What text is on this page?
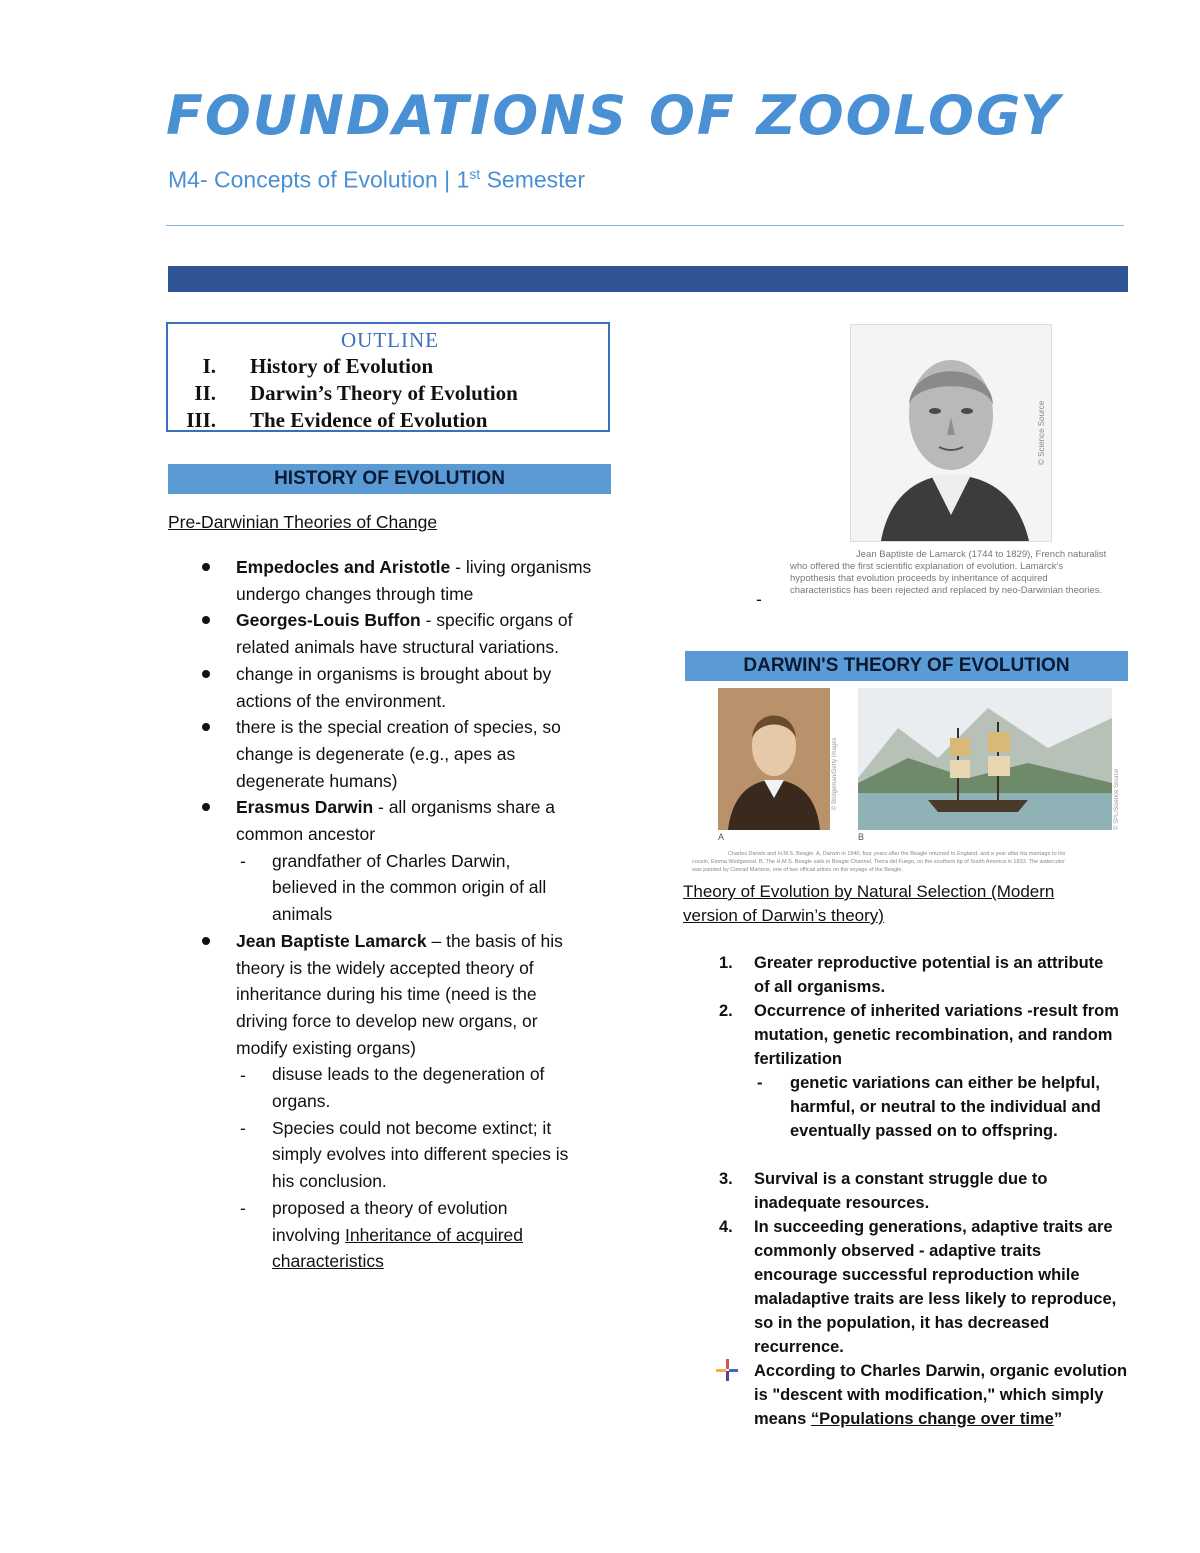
FOUNDATIONS OF ZOOLOGY
M4- Concepts of Evolution | 1st Semester
OUTLINE
I. History of Evolution
II. Darwin’s Theory of Evolution
III. The Evidence of Evolution
HISTORY OF EVOLUTION
Pre-Darwinian Theories of Change
Empedocles and Aristotle - living organisms
undergo changes through time
Georges-Louis Buffon - specific organs of
related animals have structural variations.
change in organisms is brought about by
actions of the environment.
there is the special creation of species, so
change is degenerate (e.g., apes as
degenerate humans)
Erasmus Darwin - all organisms share a
common ancestor
grandfather of Charles Darwin,
believed in the common origin of all
animals
Jean Baptiste Lamarck – the basis of his
theory is the widely accepted theory of
inheritance during his time (need is the
driving force to develop new organs, or
modify existing organs)
disuse leads to the degeneration of
organs.
Species could not become extinct; it
simply evolves into different species is
his conclusion.
proposed a theory of evolution
involving Inheritance of acquired
characteristics
-
-
-
-
© Science Source
Jean Baptiste de Lamarck (1744 to 1829), French naturalist
who offered the first scientific explanation of evolution. Lamarck’s
hypothesis that evolution proceeds by inheritance of acquired
characteristics has been rejected and replaced by neo-Darwinian theories.
-
DARWIN'S THEORY OF EVOLUTION
A	B
© Bridgeman/Getty Images	© SPL/Science Source
Charles Darwin and H.M.S. Beagle. A, Darwin in 1840, four years after the Beagle returned to England, and a year after his marriage to his
cousin, Emma Wedgwood. B, The H.M.S. Beagle sails in Beagle Channel, Tierra del Fuego, on the southern tip of South America in 1833. The watercolor
was painted by Conrad Martens, one of two official artists on the voyage of the Beagle.
Theory of Evolution by Natural Selection (Modern
version of Darwin’s theory)
Greater reproductive potential is an attribute
of all organisms.
Occurrence of inherited variations -result from
mutation, genetic recombination, and random
fertilization
genetic variations can either be helpful,
harmful, or neutral to the individual and
eventually passed on to offspring.
Survival is a constant struggle due to
inadequate resources.
In succeeding generations, adaptive traits are
commonly observed - adaptive traits
encourage successful reproduction while
maladaptive traits are less likely to reproduce,
so in the population, it has decreased
recurrence.
According to Charles Darwin, organic evolution
is "descent with modification," which simply
means “Populations change over time”
1.
2.
-
3.
4.
